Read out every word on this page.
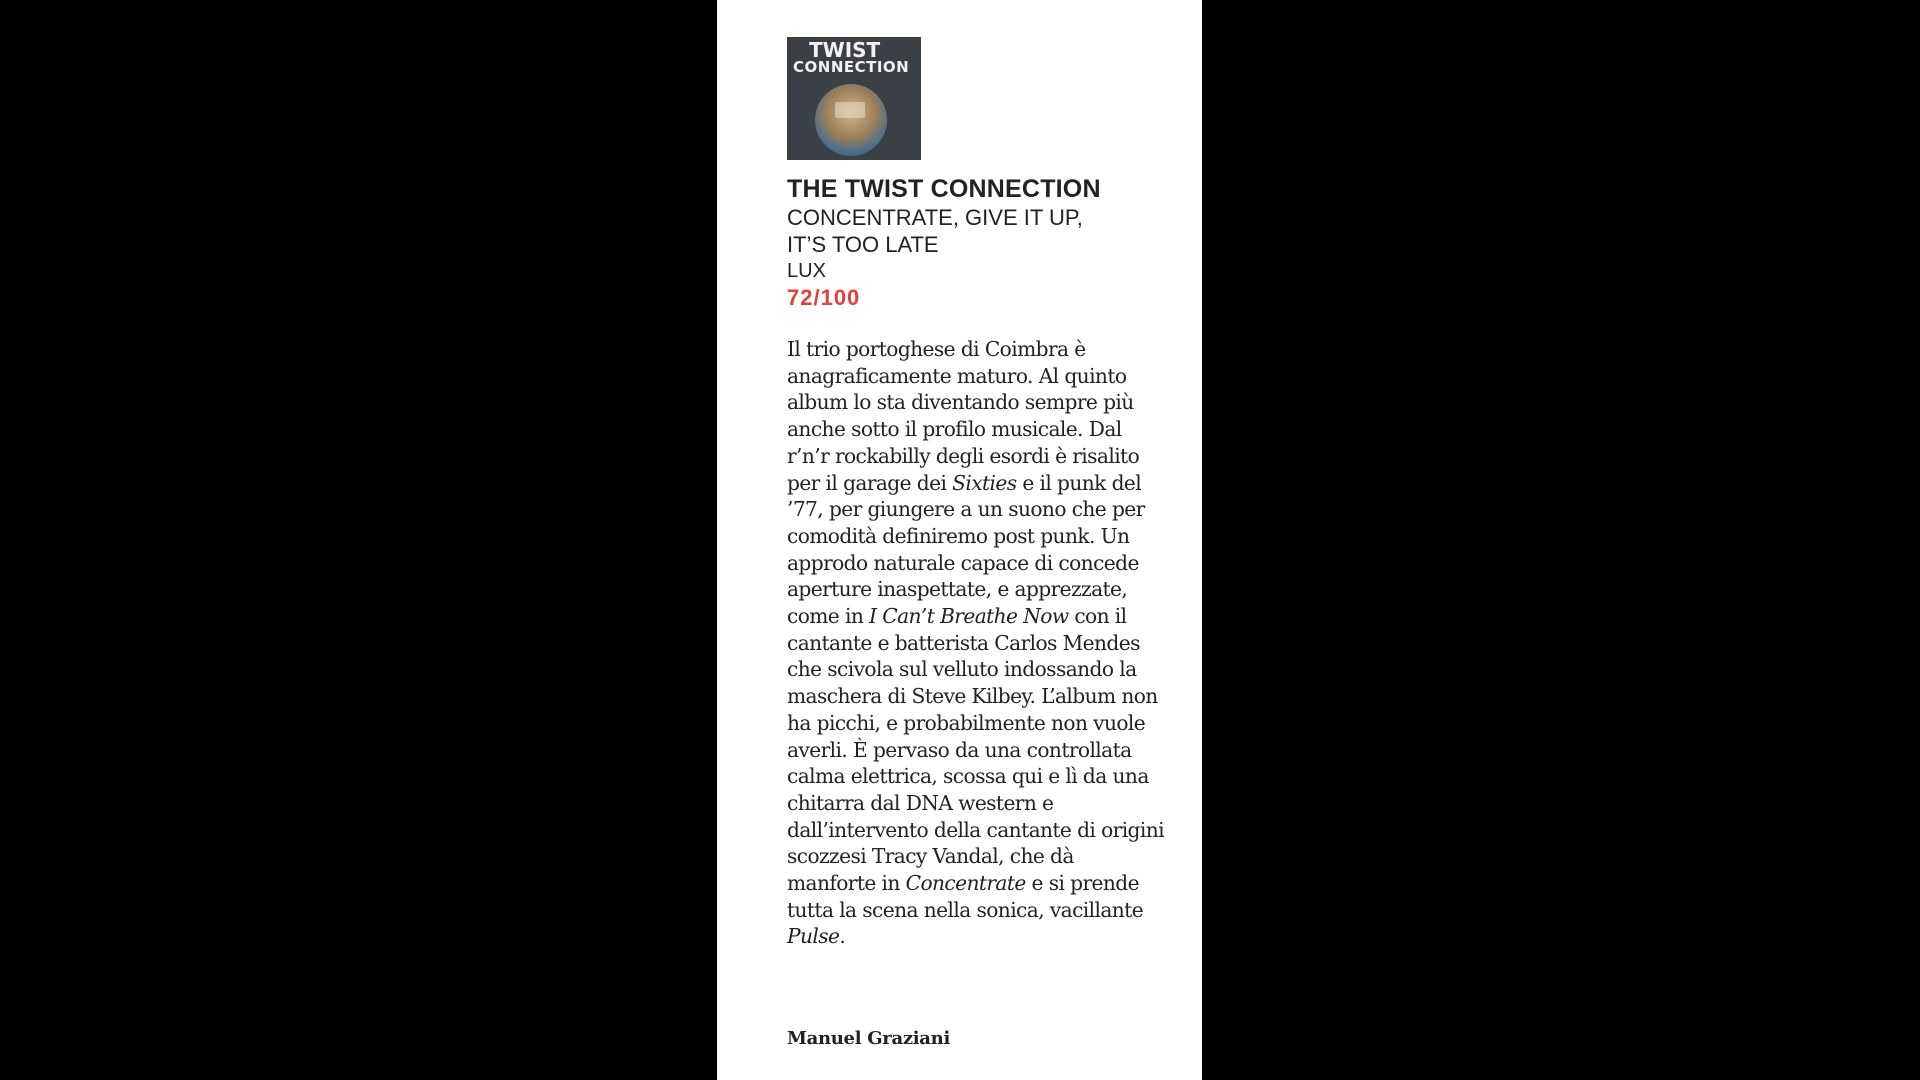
TWIST
CONNECTION
THE TWIST CONNECTION
CONCENTRATE, GIVE IT UP,
IT’S TOO LATE
LUX
72/100
Il trio portoghese di Coimbra è anagraficamente maturo. Al quinto album lo sta diventando sempre più anche sotto il profilo musicale. Dal r’n’r rockabilly degli esordi è risalito per il garage dei Sixties e il punk del ’77, per giungere a un suono che per comodità definiremo post punk. Un approdo naturale capace di concede aperture inaspettate, e apprezzate, come in I Can’t Breathe Now con il cantante e batterista Carlos Mendes che scivola sul velluto indossando la maschera di Steve Kilbey. L’album non ha picchi, e probabilmente non vuole averli. È pervaso da una controllata calma elettrica, scossa qui e lì da una chitarra dal DNA western e dall’intervento della cantante di origini scozzesi Tracy Vandal, che dà manforte in Concentrate e si prende tutta la scena nella sonica, vacillante Pulse.
Manuel Graziani
